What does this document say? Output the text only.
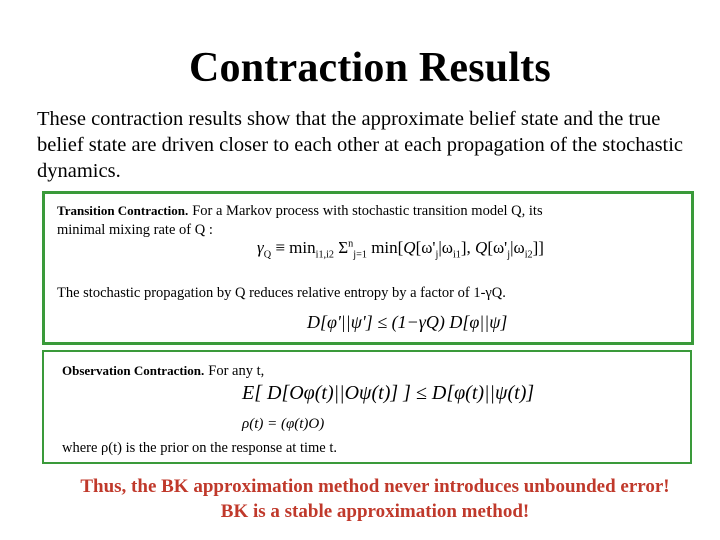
Contraction Results
These contraction results show that the approximate belief state and the true belief state are driven closer to each other at each propagation of the stochastic dynamics.
Transition Contraction. For a Markov process with stochastic transition model Q, its
minimal mixing rate of Q :
$\gamma_Q \equiv \min_{i1,i2} \Sigma^n_{j=1}$ $\min[Q[\omega'_j|\omega_{i1}]$, $Q[\omega'_j|\omega_{i2}]$]
The stochastic propagation by Q reduces relative entropy by a factor of 1-γQ.
D[φ'||ψ'] ≤ (1−γQ) D[φ||ψ]
Observation Contraction. For any t,
E[ D[Oφ(t)||Oψ(t)] ] ≤ D[φ(t)||ψ(t)]
ρ(t) = (φ(t)O)
where ρ(t) is the prior on the response at time t.
Thus, the BK approximation method never introduces unbounded error!
BK is a stable approximation method!
